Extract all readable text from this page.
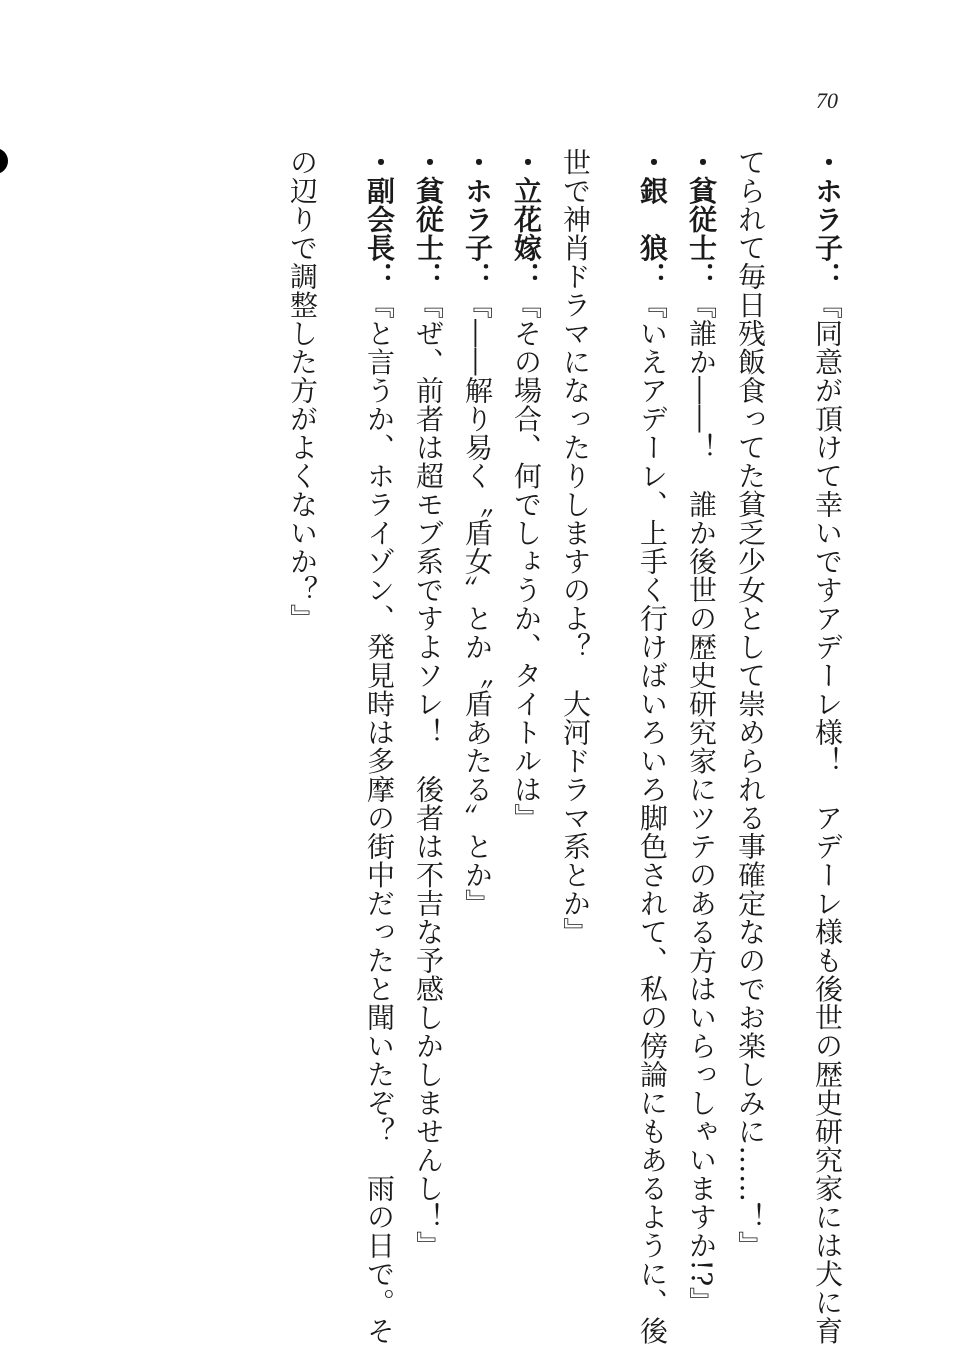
70
・ホラ子：『同意が頂けて幸いですアデーレ様！　アデーレ様も後世の歴史研究家には犬に育
てられて毎日残飯食ってた貧乏少女として崇められる事確定なのでお楽しみに……！』
・貧従士：『誰か――！　誰か後世の歴史研究家にツテのある方はいらっしゃいますか!?』
・銀　狼：『いえアデーレ、上手く行けばいろいろ脚色されて、私の傍論にもあるように、後
世で神肖ドラマになったりしますのよ？　大河ドラマ系とか』
・立花嫁：『その場合、何でしょうか、タイトルは』
・ホラ子：『――解り易く〝盾女〟とか〝盾あたる〟とか』
・貧従士：『ぜ、前者は超モブ系ですよソレ！　後者は不吉な予感しかしませんし！』
・副会長：『と言うか、ホライゾン、発見時は多摩の街中だったと聞いたぞ？　雨の日で。そ
の辺りで調整した方がよくないか？』
